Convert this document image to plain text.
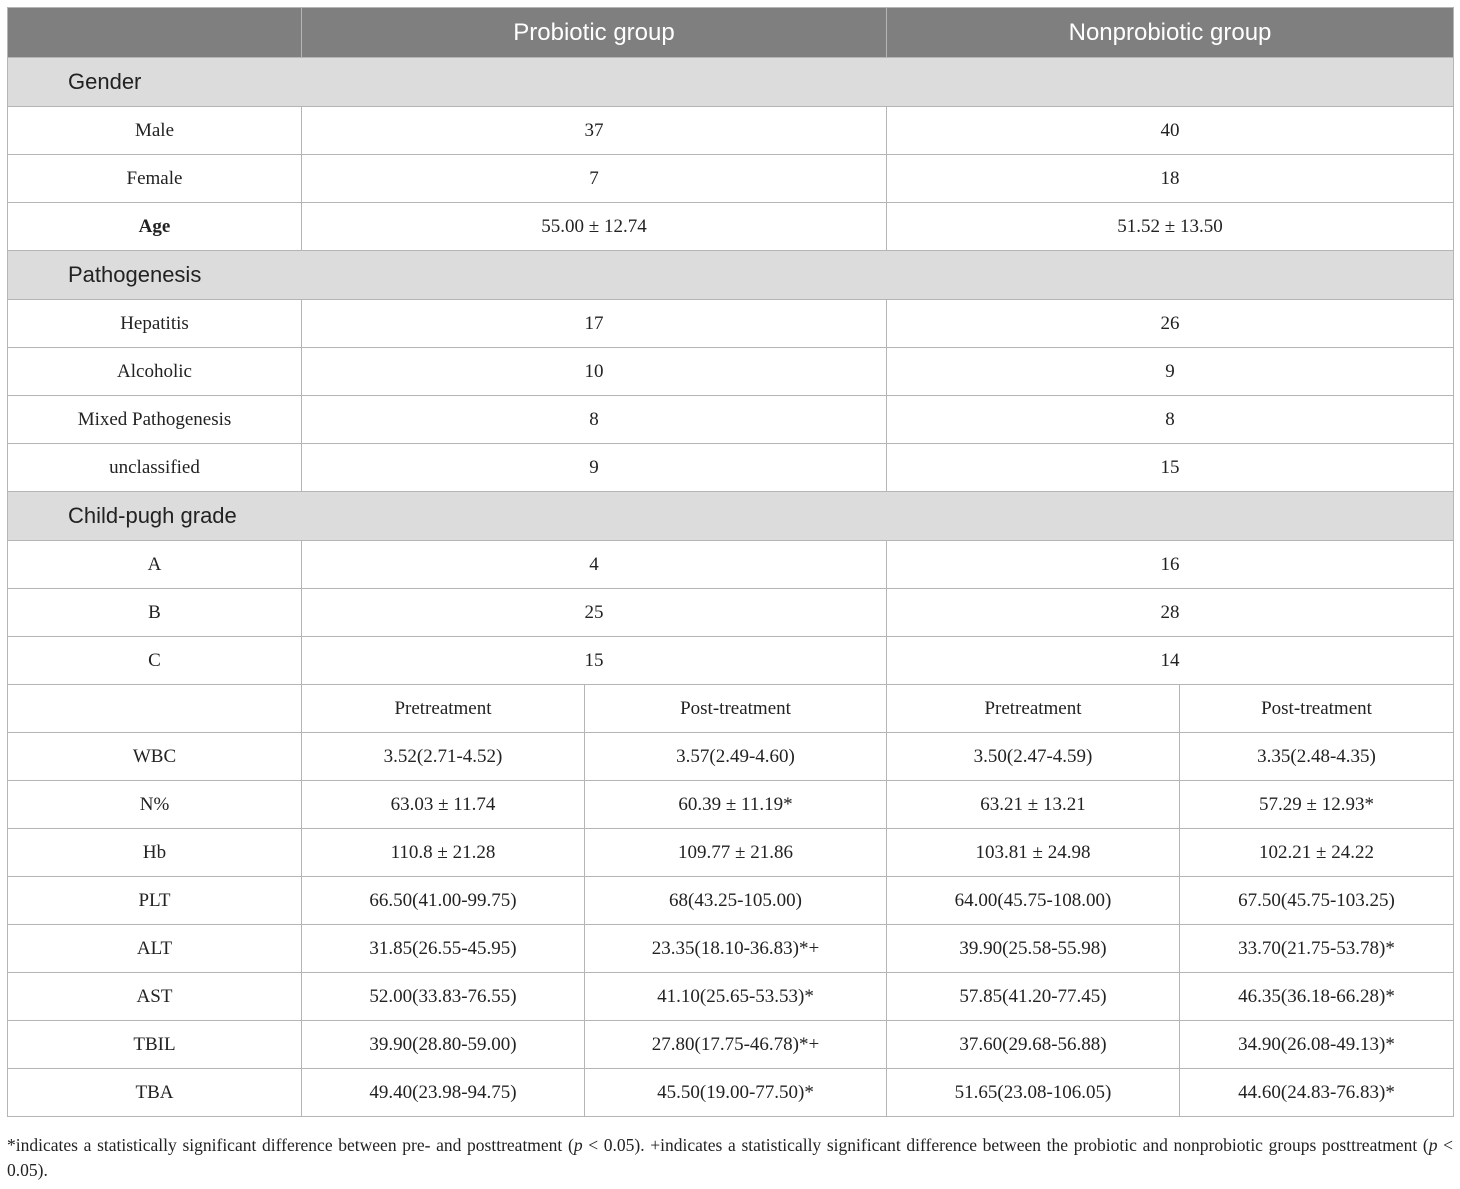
	Probiotic group		Nonprobiotic group	
Gender				
Male	37		40	
Female	7		18	
Age	55.00 ± 12.74		51.52 ± 13.50	
Pathogenesis				
Hepatitis	17		26	
Alcoholic	10		9	
Mixed Pathogenesis	8		8	
unclassified	9		15	
Child-pugh grade				
A	4		16	
B	25		28	
C	15		14	
	Pretreatment	Post-treatment	Pretreatment	Post-treatment
WBC	3.52(2.71-4.52)	3.57(2.49-4.60)	3.50(2.47-4.59)	3.35(2.48-4.35)
N%	63.03 ± 11.74	60.39 ± 11.19*	63.21 ± 13.21	57.29 ± 12.93*
Hb	110.8 ± 21.28	109.77 ± 21.86	103.81 ± 24.98	102.21 ± 24.22
PLT	66.50(41.00-99.75)	68(43.25-105.00)	64.00(45.75-108.00)	67.50(45.75-103.25)
ALT	31.85(26.55-45.95)	23.35(18.10-36.83)*+	39.90(25.58-55.98)	33.70(21.75-53.78)*
AST	52.00(33.83-76.55)	41.10(25.65-53.53)*	57.85(41.20-77.45)	46.35(36.18-66.28)*
TBIL	39.90(28.80-59.00)	27.80(17.75-46.78)*+	37.60(29.68-56.88)	34.90(26.08-49.13)*
TBA	49.40(23.98-94.75)	45.50(19.00-77.50)*	51.65(23.08-106.05)	44.60(24.83-76.83)*
*indicates a statistically significant difference between pre- and posttreatment (p < 0.05). +indicates a statistically significant difference between the probiotic and nonprobiotic groups posttreatment (p < 0.05).
